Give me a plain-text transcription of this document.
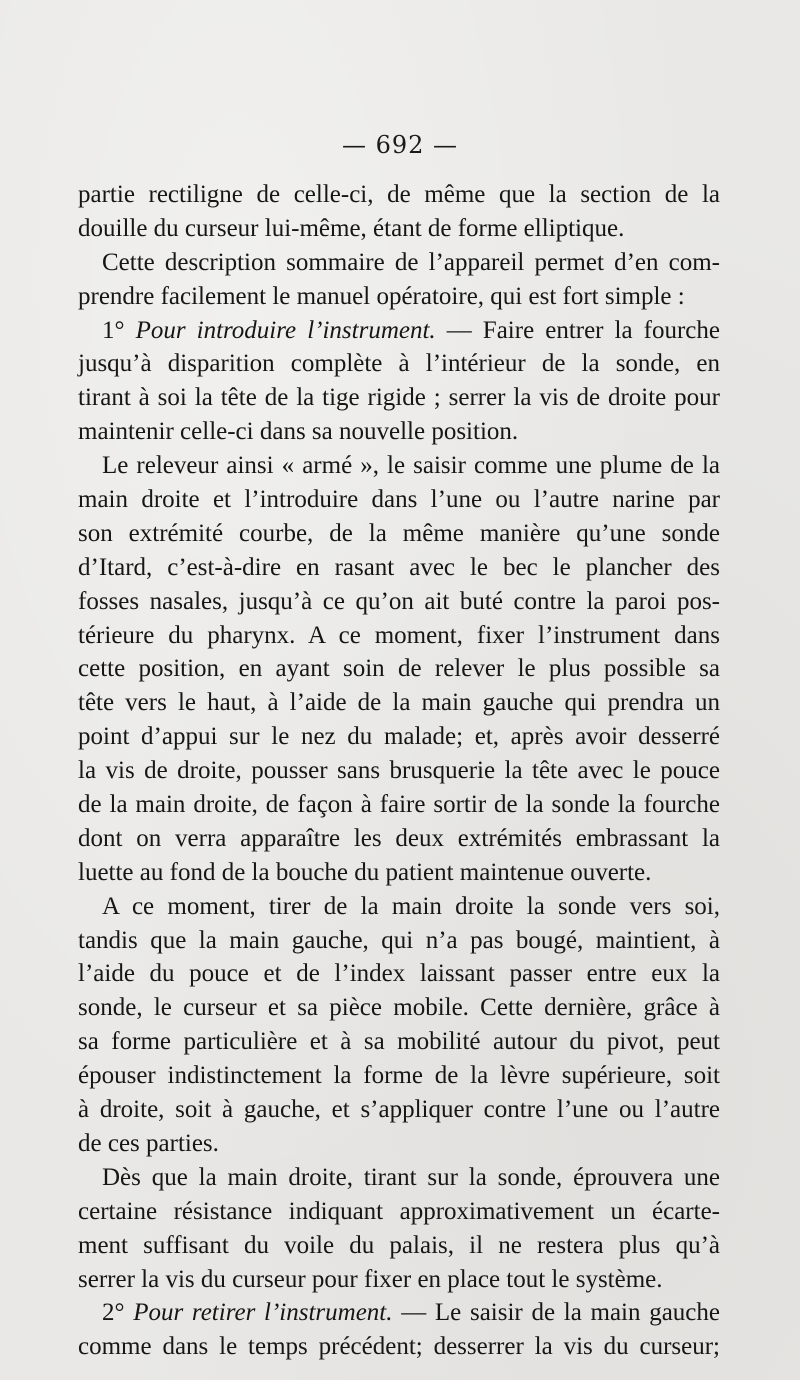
— 692 —
partie rectiligne de celle-ci, de même que la section de la
douille du curseur lui-même, étant de forme elliptique.
Cette description sommaire de l’appareil permet d’en com-
prendre facilement le manuel opératoire, qui est fort simple :
1° Pour introduire l’instrument. — Faire entrer la fourche
jusqu’à disparition complète à l’intérieur de la sonde, en
tirant à soi la tête de la tige rigide ; serrer la vis de droite pour
maintenir celle-ci dans sa nouvelle position.
Le releveur ainsi « armé », le saisir comme une plume de la
main droite et l’introduire dans l’une ou l’autre narine par
son extrémité courbe, de la même manière qu’une sonde
d’Itard, c’est-à-dire en rasant avec le bec le plancher des
fosses nasales, jusqu’à ce qu’on ait buté contre la paroi pos-
térieure du pharynx. A ce moment, fixer l’instrument dans
cette position, en ayant soin de relever le plus possible sa
tête vers le haut, à l’aide de la main gauche qui prendra un
point d’appui sur le nez du malade; et, après avoir desserré
la vis de droite, pousser sans brusquerie la tête avec le pouce
de la main droite, de façon à faire sortir de la sonde la fourche
dont on verra apparaître les deux extrémités embrassant la
luette au fond de la bouche du patient maintenue ouverte.
A ce moment, tirer de la main droite la sonde vers soi,
tandis que la main gauche, qui n’a pas bougé, maintient, à
l’aide du pouce et de l’index laissant passer entre eux la
sonde, le curseur et sa pièce mobile. Cette dernière, grâce à
sa forme particulière et à sa mobilité autour du pivot, peut
épouser indistinctement la forme de la lèvre supérieure, soit
à droite, soit à gauche, et s’appliquer contre l’une ou l’autre
de ces parties.
Dès que la main droite, tirant sur la sonde, éprouvera une
certaine résistance indiquant approximativement un écarte-
ment suffisant du voile du palais, il ne restera plus qu’à
serrer la vis du curseur pour fixer en place tout le système.
2° Pour retirer l’instrument. — Le saisir de la main gauche
comme dans le temps précédent; desserrer la vis du curseur;
